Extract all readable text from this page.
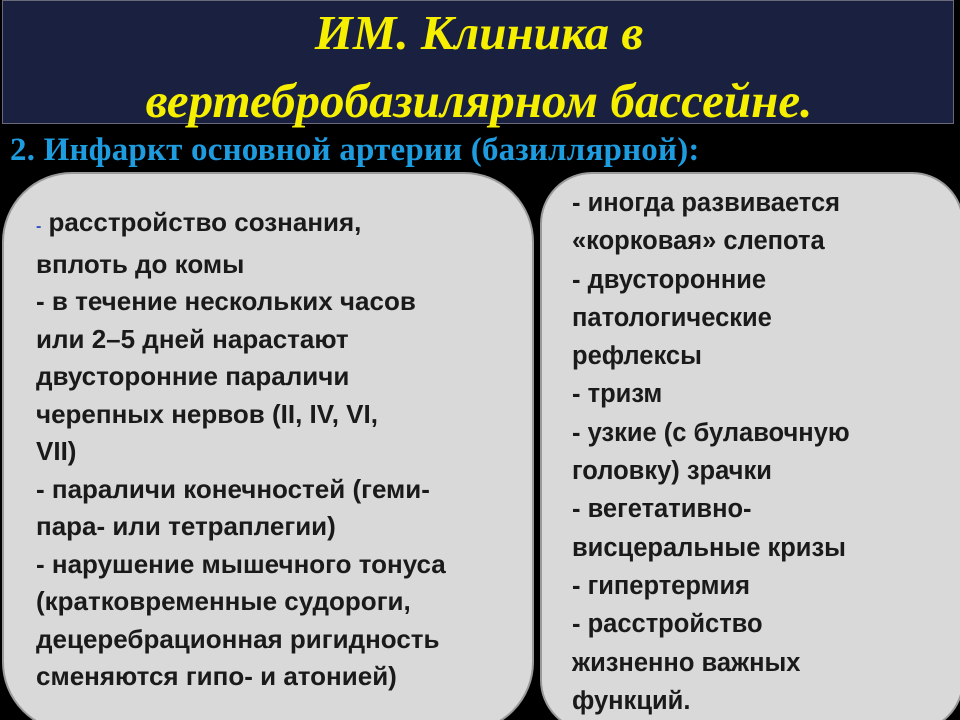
ИМ. Клиника в
вертебробазилярном бассейне.
2. Инфаркт основной артерии (базиллярной):
- расстройство сознания,
вплоть до комы
- в течение нескольких часов
или 2–5 дней нарастают
двусторонние параличи
черепных нервов (II, IV, VI,
VII)
- параличи конечностей (геми-
пара- или тетраплегии)
- нарушение мышечного тонуса
(кратковременные судороги,
децеребрационная ригидность
сменяются гипо- и атонией)
- иногда развивается
«корковая» слепота
- двусторонние
патологические
рефлексы
- тризм
- узкие (с булавочную
головку) зрачки
- вегетативно-
висцеральные кризы
- гипертермия
- расстройство
жизненно важных
функций.
